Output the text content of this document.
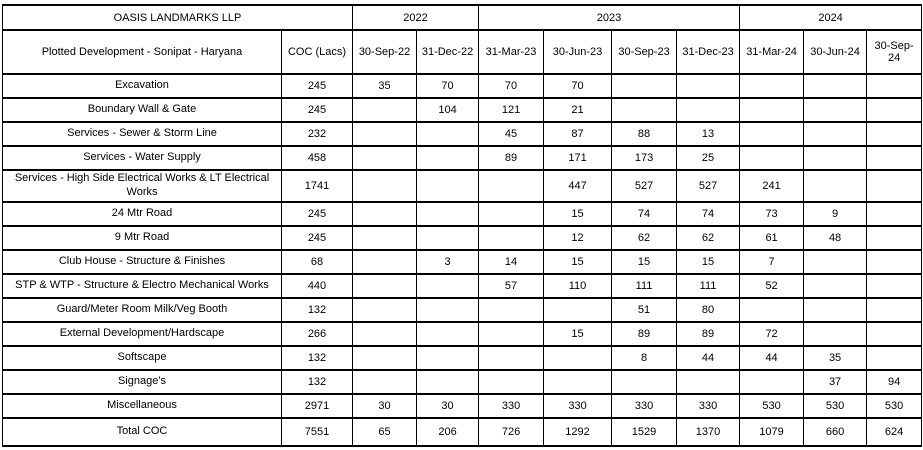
OASIS LANDMARKS LLP		2022		2023				2024		
Plotted Development - Sonipat - Haryana	COC (Lacs)	30-Sep-22	31-Dec-22	31-Mar-23	30-Jun-23	30-Sep-23	31-Dec-23	31-Mar-24	30-Jun-24	30-Sep-24
Excavation	245	35	70	70	70					
Boundary Wall & Gate	245		104	121	21					
Services - Sewer & Storm Line	232			45	87	88	13			
Services - Water Supply	458			89	171	173	25			
Services - High Side Electrical Works & LT Electrical Works	1741				447	527	527	241		
24 Mtr Road	245				15	74	74	73	9	
9 Mtr Road	245				12	62	62	61	48	
Club House - Structure & Finishes	68		3	14	15	15	15	7		
STP & WTP - Structure & Electro Mechanical Works	440			57	110	111	111	52		
Guard/Meter Room Milk/Veg Booth	132					51	80			
External Development/Hardscape	266				15	89	89	72		
Softscape	132					8	44	44	35	
Signage’s	132								37	94
Miscellaneous	2971	30	30	330	330	330	330	530	530	530
Total COC	7551	65	206	726	1292	1529	1370	1079	660	624
